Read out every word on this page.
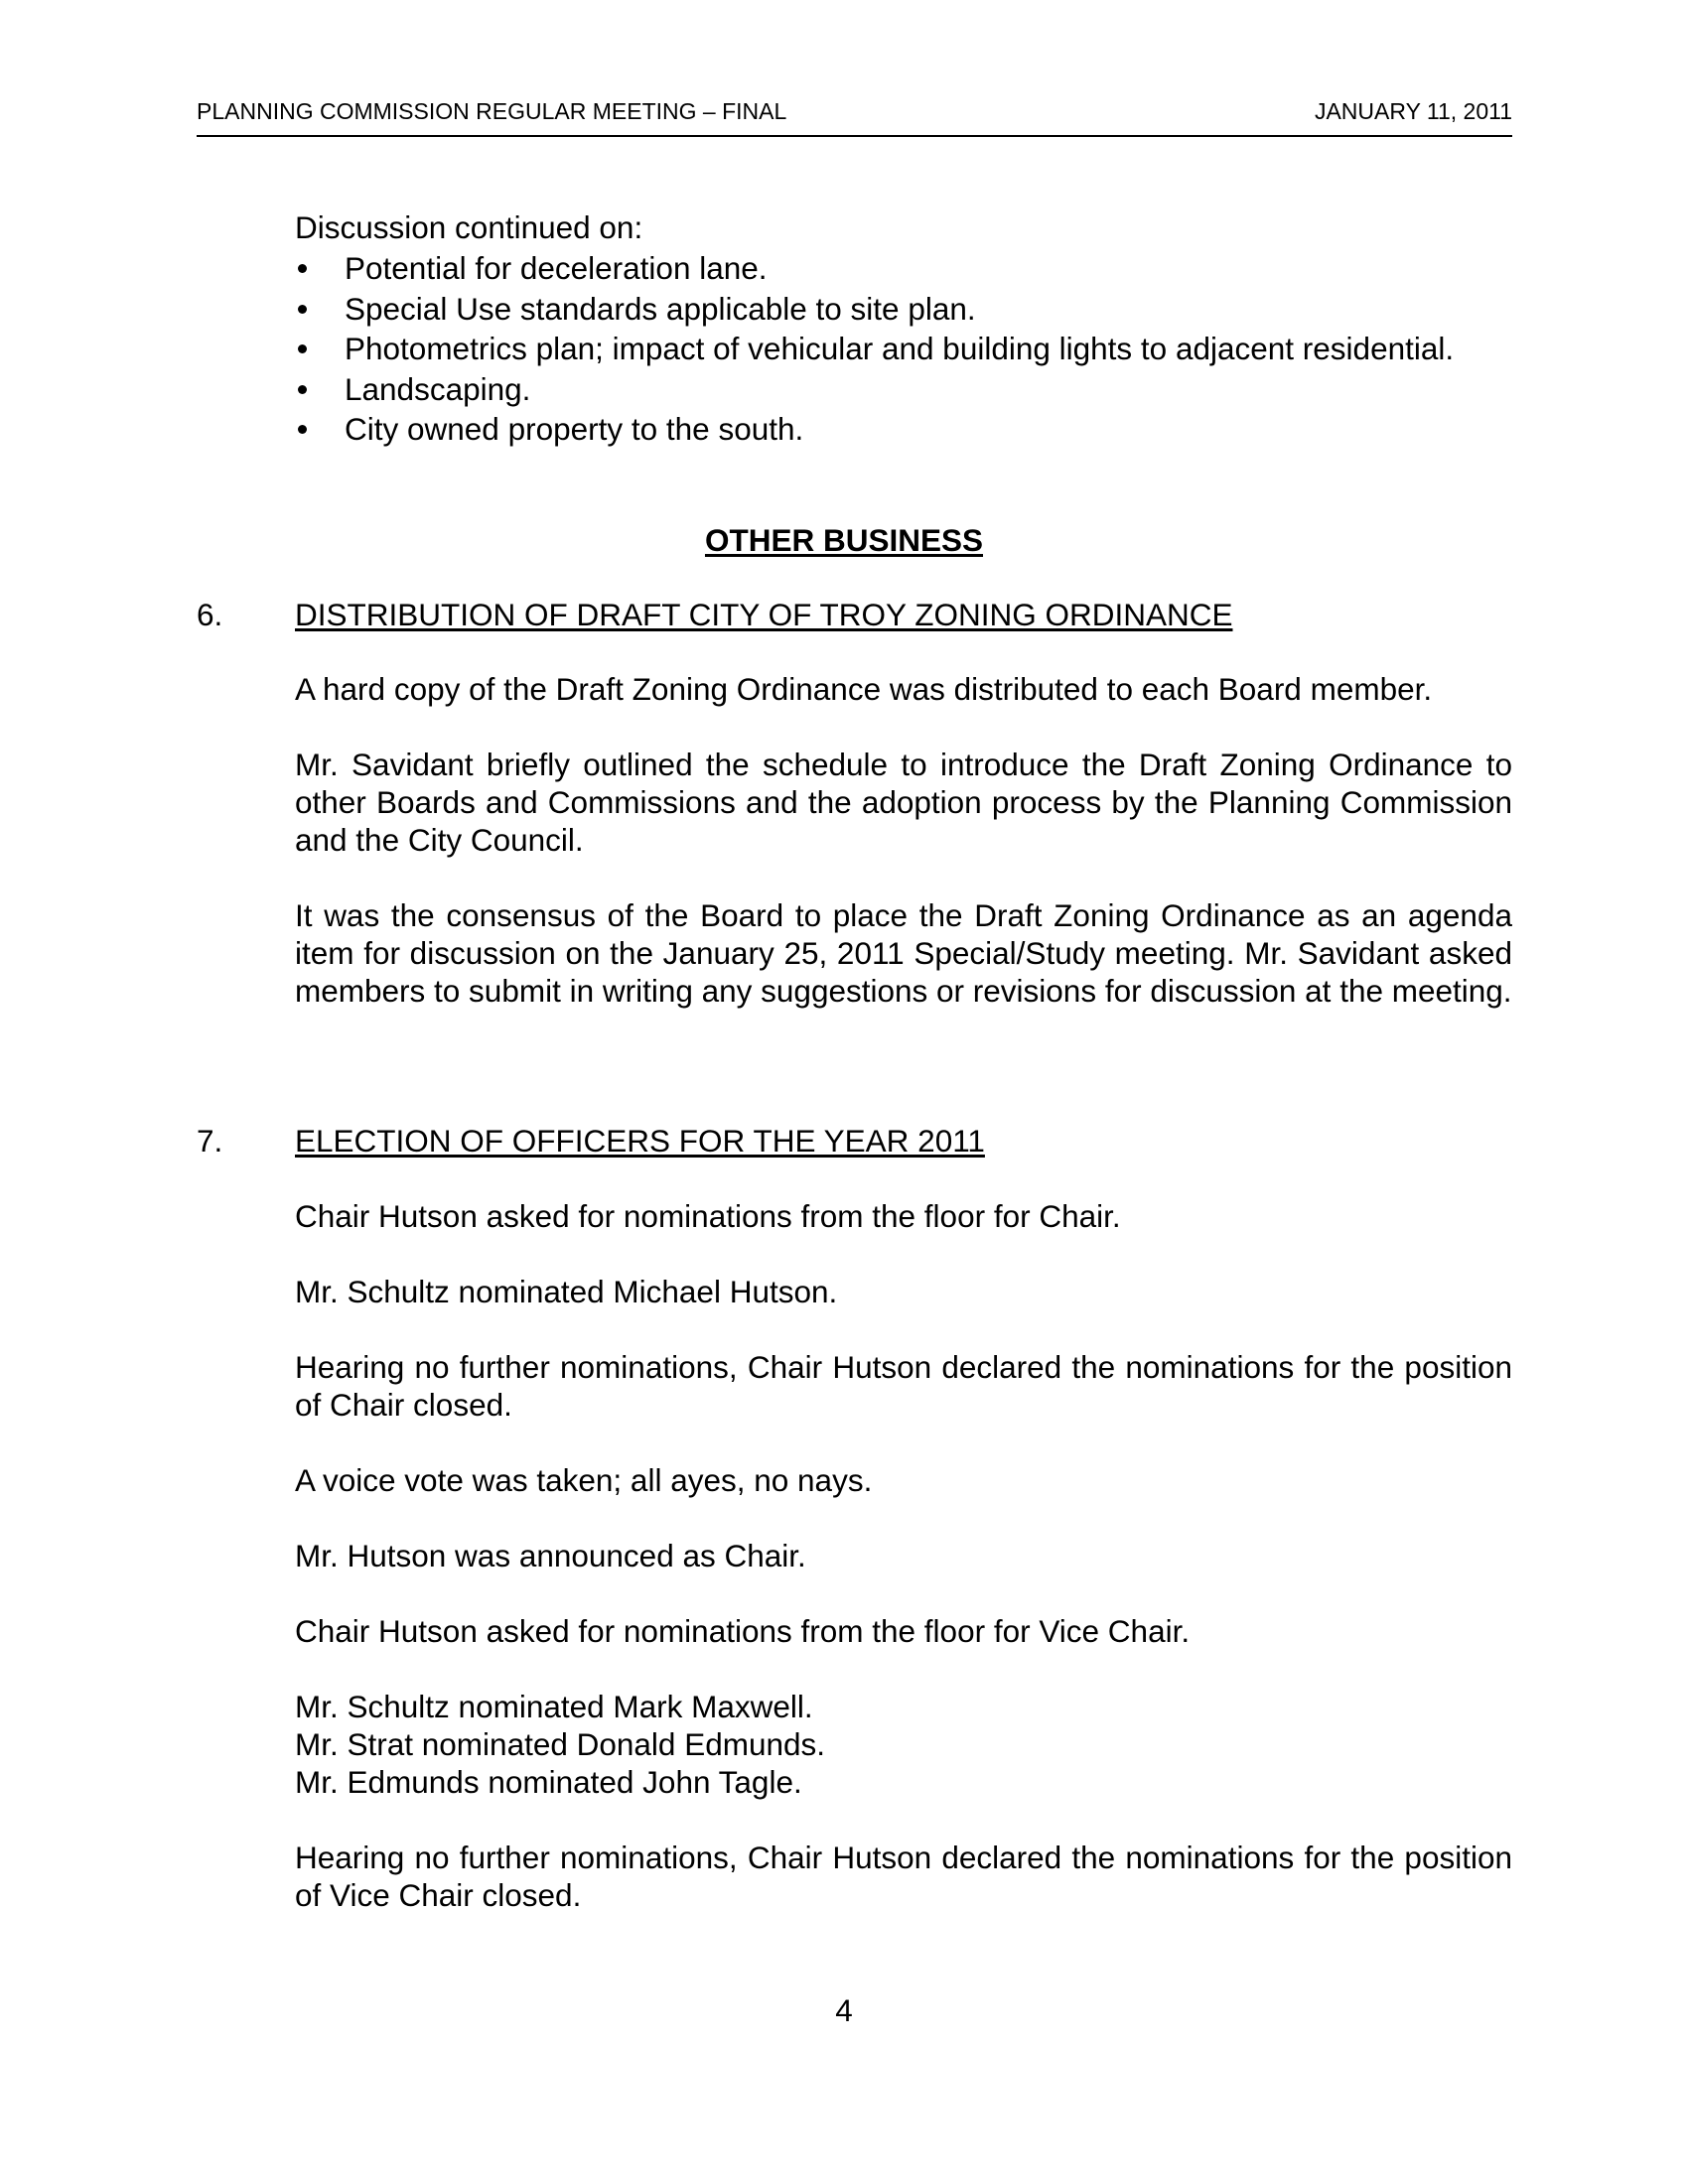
PLANNING COMMISSION REGULAR MEETING – FINAL	JANUARY 11, 2011

Discussion continued on:

Potential for deceleration lane.
Special Use standards applicable to site plan.
Photometrics plan; impact of vehicular and building lights to adjacent residential.
Landscaping.
City owned property to the south.
OTHER BUSINESS
6. DISTRIBUTION OF DRAFT CITY OF TROY ZONING ORDINANCE

A hard copy of the Draft Zoning Ordinance was distributed to each Board member.

Mr. Savidant briefly outlined the schedule to introduce the Draft Zoning Ordinance to other Boards and Commissions and the adoption process by the Planning Commission and the City Council.

It was the consensus of the Board to place the Draft Zoning Ordinance as an agenda item for discussion on the January 25, 2011 Special/Study meeting. Mr. Savidant asked members to submit in writing any suggestions or revisions for discussion at the meeting.

7. ELECTION OF OFFICERS FOR THE YEAR 2011

Chair Hutson asked for nominations from the floor for Chair.

Mr. Schultz nominated Michael Hutson.

Hearing no further nominations, Chair Hutson declared the nominations for the position of Chair closed.

A voice vote was taken; all ayes, no nays.

Mr. Hutson was announced as Chair.

Chair Hutson asked for nominations from the floor for Vice Chair.

Mr. Schultz nominated Mark Maxwell.
Mr. Strat nominated Donald Edmunds.
Mr. Edmunds nominated John Tagle.

Hearing no further nominations, Chair Hutson declared the nominations for the position of Vice Chair closed.

4
